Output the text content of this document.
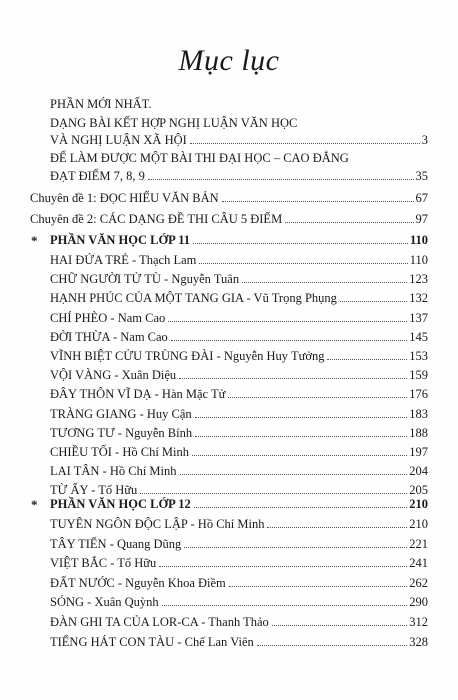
Mục lục
PHẦN MỚI NHẤT.
DẠNG BÀI KẾT HỢP NGHỊ LUẬN VĂN HỌC
VÀ NGHỊ LUẬN XÃ HỘI	3
ĐỂ LÀM ĐƯỢC MỘT BÀI THI ĐẠI HỌC – CAO ĐẲNG
ĐẠT ĐIỂM 7, 8, 9	35
Chuyên đề 1: ĐỌC HIỂU VĂN BẢN	67
Chuyên đề 2: CÁC DẠNG ĐỀ THI CÂU 5 ĐIỂM	97
* PHẦN VĂN HỌC LỚP 11	110
HAI ĐỨA TRẺ - Thạch Lam	110
CHỮ NGƯỜI TỬ TÙ - Nguyễn Tuân	123
HẠNH PHÚC CỦA MỘT TANG GIA - Vũ Trọng Phụng	132
CHÍ PHÈO - Nam Cao	137
ĐỜI THỪA - Nam Cao	145
VĨNH BIỆT CỬU TRÙNG ĐÀI - Nguyễn Huy Tưởng	153
VỘI VÀNG - Xuân Diệu	159
ĐÂY THÔN VĨ DẠ - Hàn Mặc Tử	176
TRÀNG GIANG - Huy Cận	183
TƯƠNG TƯ - Nguyễn Bính	188
CHIỀU TỐI - Hồ Chí Minh	197
LAI TÂN - Hồ Chí Minh	204
TỪ ẤY - Tố Hữu	205
* PHẦN VĂN HỌC LỚP 12	210
TUYÊN NGÔN ĐỘC LẬP - Hồ Chí Minh	210
TÂY TIẾN - Quang Dũng	221
VIỆT BẮC - Tố Hữu	241
ĐẤT NƯỚC - Nguyễn Khoa Điềm	262
SÓNG - Xuân Quỳnh	290
ĐÀN GHI TA CỦA LOR-CA - Thanh Thảo	312
TIẾNG HÁT CON TÀU - Chế Lan Viên	328
